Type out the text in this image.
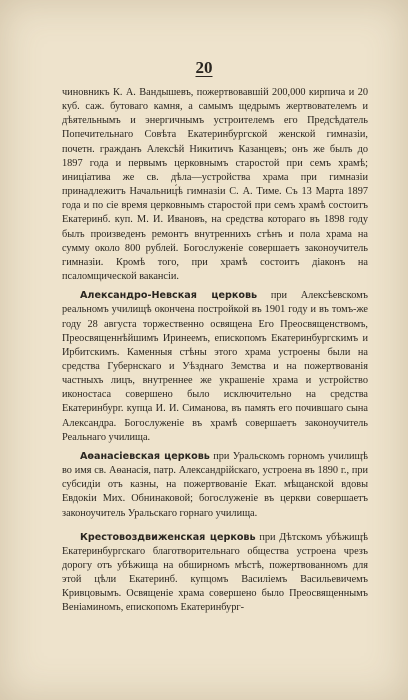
20

чиновникъ К. А. Вандышевъ, пожертвовавшій 200,000 кирпича и 20 куб. саж. бутоваго камня, а самымъ щедрымъ жертвователемъ и дѣятельнымъ и энергичнымъ устроителемъ его Предсѣдатель Попечительнаго Совѣта Екатеринбургской женской гимназіи, почетн. гражданъ Алексѣй Никитичъ Казанцевъ; онъ же былъ до 1897 года и первымъ церковнымъ старостой при семъ храмѣ; иниціатива же св. дѣла—устройства храма при гимназіи принадлежитъ Начальниц́ѣ гимназіи С. А. Тиме. Съ 13 Марта 1897 года и по сіе время церковнымъ старостой при семъ храмѣ состоитъ Екатеринб. куп. М. И. Ивановъ, на средства котораго въ 1898 году былъ произведенъ ремонтъ внутреннихъ стѣнъ и пола храма на сумму около 800 рублей. Богослуженіе совершаетъ законоучитель гимназіи. Кромѣ того, при храмѣ состоитъ діаконъ на псаломщической вакансіи.

Александро-Невская церковь при Алексѣевскомъ реальномъ училищѣ окончена постройкой въ 1901 году и въ томъ-же году 28 августа торжественно освящена Его Преосвященствомъ, Преосвященнѣйшимъ Иринеемъ, епископомъ Екатеринбургскимъ и Ирбитскимъ. Каменныя стѣны этого храма устроены были на средства Губернскаго и Уѣзднаго Земства и на пожертвованія частныхъ лицъ, внутреннее же украшеніе храма и устройство иконостаса совершено было исключительно на средства Екатеринбург. купца И. И. Симанова, въ память его почившаго сына Александра. Богослуженіе въ храмѣ совершаетъ законоучитель Реальнаго училища.

Аѳанасіевская церковь при Уральскомъ горномъ училищѣ во имя св. Аѳанасія, патр. Александрійскаго, устроена въ 1890 г., при субсидіи отъ казны, на пожертвованіе Екат. мѣщанской вдовы Евдокіи Мих. Обнинаковой; богослуженіе въ церкви совершаетъ законоучитель Уральскаго горнаго училища.

Крестовоздвиженская церковь при Дѣтскомъ убѣжищѣ Екатеринбургскаго благотворительнаго общества устроена чрезъ дорогу отъ убѣжища на обширномъ мѣстѣ, пожертвованномъ для этой цѣли Екатеринб. купцомъ Василіемъ Васильевичемъ Кривцовымъ. Освященіе храма совершено было Преосвященнымъ Веніаминомъ, епископомъ Екатеринбург-
